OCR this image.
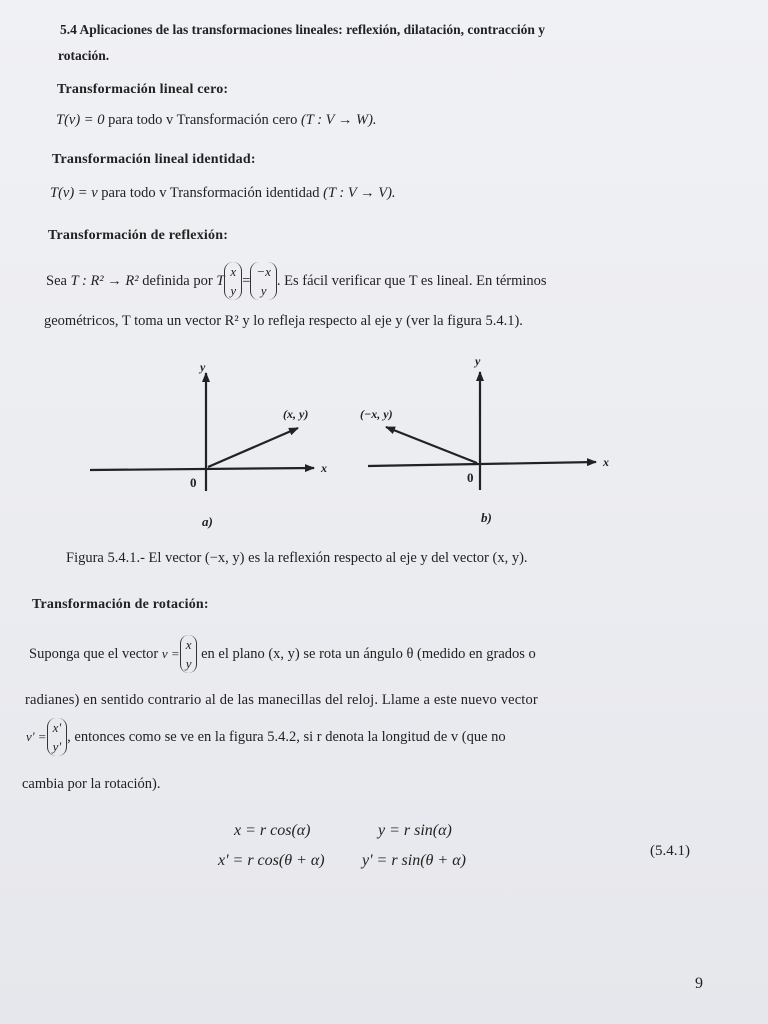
5.4 Aplicaciones de las transformaciones lineales: reflexión, dilatación, contracción y
rotación.
Transformación lineal cero:
T(v) = 0 para todo v Transformación cero (T : V → W).
Transformación lineal identidad:
T(v) = v para todo v Transformación identidad (T : V → V).
Transformación de reflexión:
Sea
T : R² → R²
definida por
T
x
y
=
−x
y
. Es fácil verificar que T es lineal. En términos
geométricos, T toma un vector R² y lo refleja respecto al eje y (ver la figura 5.4.1).
y
x
0
(x, y)
a)
y
x
0
(−x, y)
b)
Figura 5.4.1.- El vector (−x, y) es la reflexión respecto al eje y del vector (x, y).
Transformación de rotación:
Suponga que el vector
v =
x
y

en el plano (x, y) se rota un ángulo θ (medido en grados o
radianes) en sentido contrario al de las manecillas del reloj. Llame a este nuevo vector
v' =
x'
y'
, entonces como se ve en la figura 5.4.2, si r denota la longitud de v (que no
cambia por la rotación).
x = r cos(α)	y = r sin(α)
x' = r cos(θ + α) y' = r sin(θ + α)
(5.4.1)
9
